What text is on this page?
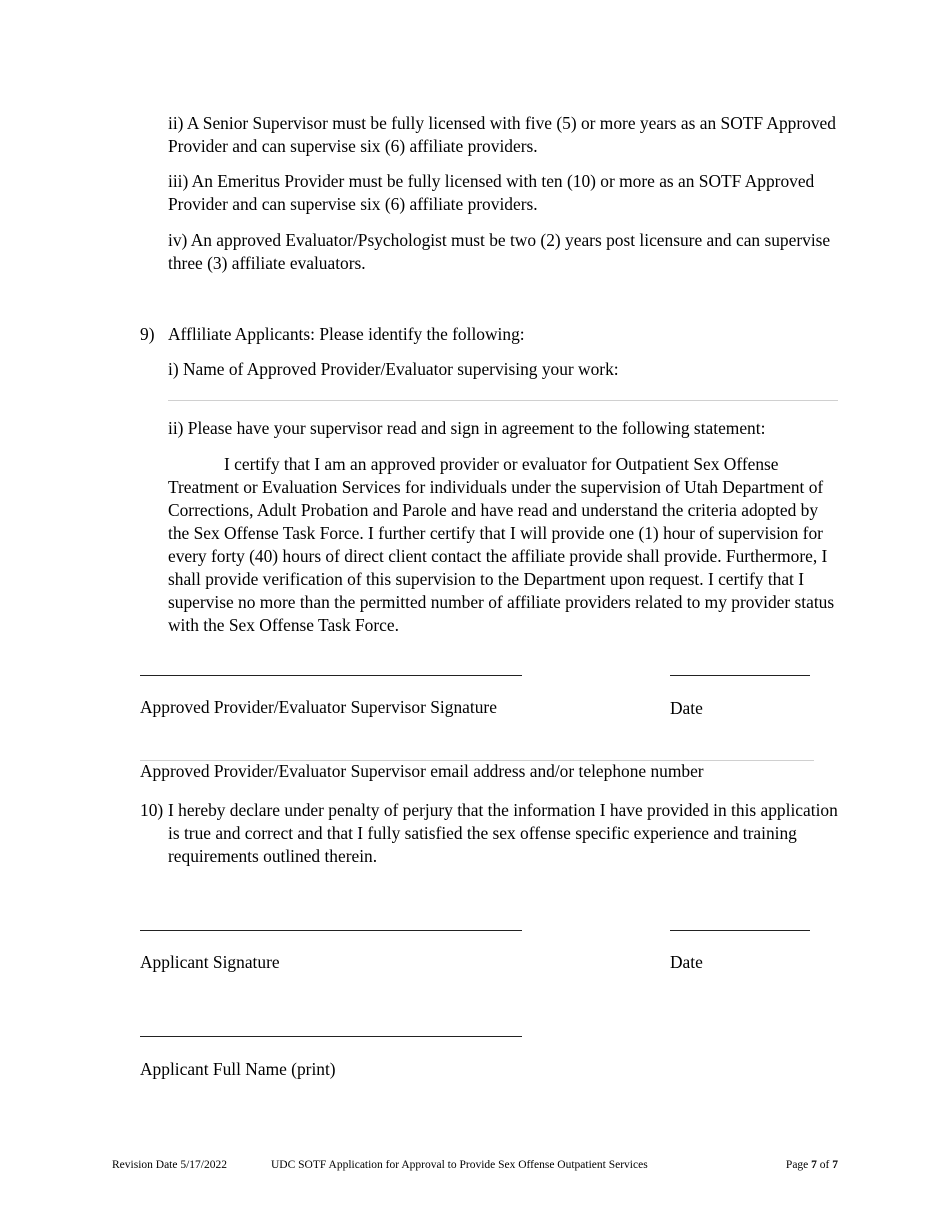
ii) A Senior Supervisor must be fully licensed with five (5) or more years as an SOTF Approved Provider and can supervise six (6) affiliate providers.

iii) An Emeritus Provider must be fully licensed with ten (10) or more as an SOTF Approved Provider and can supervise six (6) affiliate providers.

iv) An approved Evaluator/Psychologist must be two (2) years post licensure and can supervise three (3) affiliate evaluators.

9) Affliliate Applicants: Please identify the following:
i) Name of Approved Provider/Evaluator supervising your work:
ii) Please have your supervisor read and sign in agreement to the following statement:

I certify that I am an approved provider or evaluator for Outpatient Sex Offense Treatment or Evaluation Services for individuals under the supervision of Utah Department of Corrections, Adult Probation and Parole and have read and understand the criteria adopted by the Sex Offense Task Force. I further certify that I will provide one (1) hour of supervision for every forty (40) hours of direct client contact the affiliate provide shall provide. Furthermore, I shall provide verification of this supervision to the Department upon request. I certify that I supervise no more than the permitted number of affiliate providers related to my provider status with the Sex Offense Task Force.

Approved Provider/Evaluator Supervisor Signature	Date
Approved Provider/Evaluator Supervisor email address and/or telephone number
10) I hereby declare under penalty of perjury that the information I have provided in this application is true and correct and that I fully satisfied the sex offense specific experience and training requirements outlined therein.

Applicant Signature	Date
Applicant Full Name (print)
Revision Date 5/17/2022	UDC SOTF Application for Approval to Provide Sex Offense Outpatient Services	Page 7 of 7
